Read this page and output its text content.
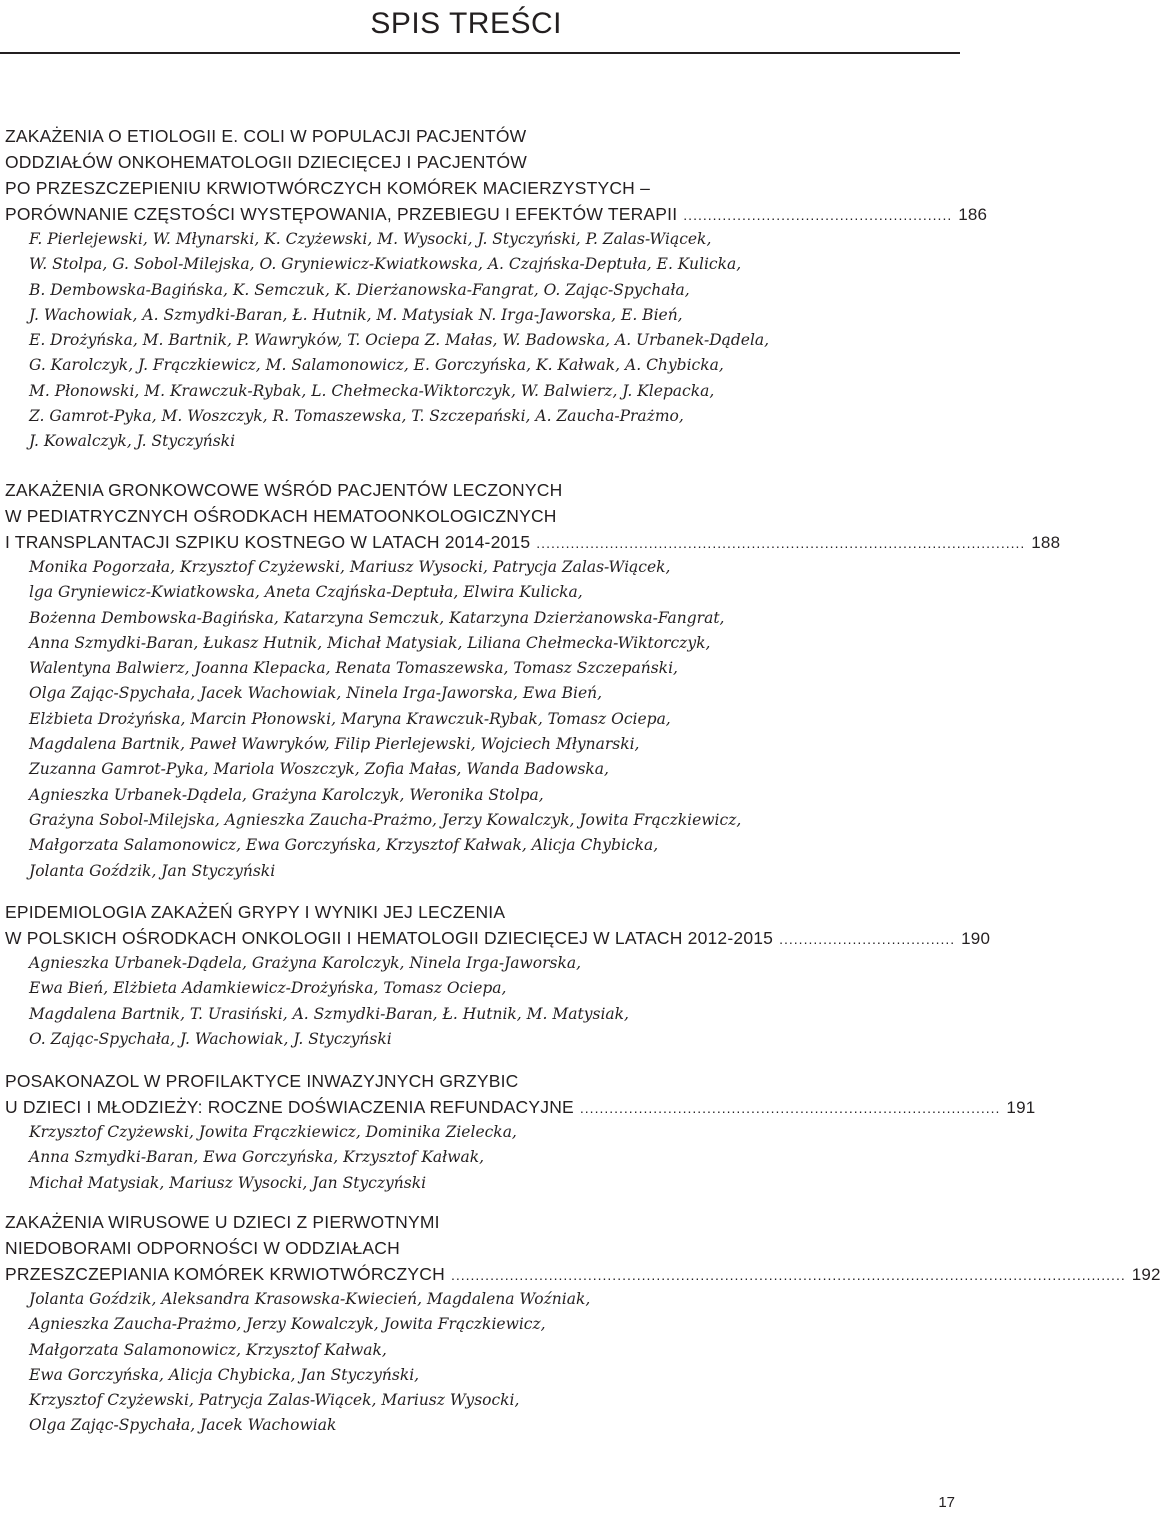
SPIS TREŚCI
ZAKAŻENIA O ETIOLOGII E. COLI W POPULACJI PACJENTÓW
ODDZIAŁÓW ONKOHEMATOLOGII DZIECIĘCEJ I PACJENTÓW
PO PRZESZCZEPIENIU KRWIOTWÓRCZYCH KOMÓREK MACIERZYSTYCH –
PORÓWNANIE CZĘSTOŚCI WYSTĘPOWANIA, PRZEBIEGU I EFEKTÓW TERAPII ....................................................... 186
F. Pierlejewski, W. Młynarski, K. Czyżewski, M. Wysocki, J. Styczyński, P. Zalas-Wiącek,
W. Stolpa, G. Sobol-Milejska, O. Gryniewicz-Kwiatkowska, A. Czajńska-Deptuła, E. Kulicka,
B. Dembowska-Bagińska, K. Semczuk, K. Dierżanowska-Fangrat, O. Zając-Spychała,
J. Wachowiak, A. Szmydki-Baran, Ł. Hutnik, M. Matysiak N. Irga-Jaworska, E. Bień,
E. Drożyńska, M. Bartnik, P. Wawryków, T. Ociepa Z. Małas, W. Badowska, A. Urbanek-Dądela,
G. Karolczyk, J. Frączkiewicz, M. Salamonowicz, E. Gorczyńska, K. Kałwak, A. Chybicka,
M. Płonowski, M. Krawczuk-Rybak, L. Chełmecka-Wiktorczyk, W. Balwierz, J. Klepacka,
Z. Gamrot-Pyka, M. Woszczyk, R. Tomaszewska, T. Szczepański, A. Zaucha-Prażmo,
J. Kowalczyk, J. Styczyński
ZAKAŻENIA GRONKOWCOWE WŚRÓD PACJENTÓW LECZONYCH
W PEDIATRYCZNYCH OŚRODKACH HEMATOONKOLOGICZNYCH
I TRANSPLANTACJI SZPIKU KOSTNEGO W LATACH 2014-2015 .................................................................................................... 188
Monika Pogorzała, Krzysztof Czyżewski, Mariusz Wysocki, Patrycja Zalas-Wiącek,
lga Gryniewicz-Kwiatkowska, Aneta Czajńska-Deptuła, Elwira Kulicka,
Bożenna Dembowska-Bagińska, Katarzyna Semczuk, Katarzyna Dzierżanowska-Fangrat,
Anna Szmydki-Baran, Łukasz Hutnik, Michał Matysiak, Liliana Chełmecka-Wiktorczyk,
Walentyna Balwierz, Joanna Klepacka, Renata Tomaszewska, Tomasz Szczepański,
Olga Zając-Spychała, Jacek Wachowiak, Ninela Irga-Jaworska, Ewa Bień,
Elżbieta Drożyńska, Marcin Płonowski, Maryna Krawczuk-Rybak, Tomasz Ociepa,
Magdalena Bartnik, Paweł Wawryków, Filip Pierlejewski, Wojciech Młynarski,
Zuzanna Gamrot-Pyka, Mariola Woszczyk, Zofia Małas, Wanda Badowska,
Agnieszka Urbanek-Dądela, Grażyna Karolczyk, Weronika Stolpa,
Grażyna Sobol-Milejska, Agnieszka Zaucha-Prażmo, Jerzy Kowalczyk, Jowita Frączkiewicz,
Małgorzata Salamonowicz, Ewa Gorczyńska, Krzysztof Kałwak, Alicja Chybicka,
Jolanta Goździk, Jan Styczyński
EPIDEMIOLOGIA ZAKAŻEŃ GRYPY I WYNIKI JEJ LECZENIA
W POLSKICH OŚRODKACH ONKOLOGII I HEMATOLOGII DZIECIĘCEJ W LATACH 2012-2015 .................................... 190
Agnieszka Urbanek-Dądela, Grażyna Karolczyk, Ninela Irga-Jaworska,
Ewa Bień, Elżbieta Adamkiewicz-Drożyńska, Tomasz Ociepa,
Magdalena Bartnik, T. Urasiński, A. Szmydki-Baran, Ł. Hutnik, M. Matysiak,
O. Zając-Spychała, J. Wachowiak, J. Styczyński
POSAKONAZOL W PROFILAKTYCE INWAZYJNYCH GRZYBIC
U DZIECI I MŁODZIEŻY: ROCZNE DOŚWIACZENIA REFUNDACYJNE ...................................................................................... 191
Krzysztof Czyżewski, Jowita Frączkiewicz, Dominika Zielecka,
Anna Szmydki-Baran, Ewa Gorczyńska, Krzysztof Kałwak,
Michał Matysiak, Mariusz Wysocki, Jan Styczyński
ZAKAŻENIA WIRUSOWE U DZIECI Z PIERWOTNYMI
NIEDOBORAMI ODPORNOŚCI W ODDZIAŁACH
PRZESZCZEPIANIA KOMÓREK KRWIOTWÓRCZYCH .......................................................................................................................................... 192
Jolanta Goździk, Aleksandra Krasowska-Kwiecień, Magdalena Woźniak,
Agnieszka Zaucha-Prażmo, Jerzy Kowalczyk, Jowita Frączkiewicz,
Małgorzata Salamonowicz, Krzysztof Kałwak,
Ewa Gorczyńska, Alicja Chybicka, Jan Styczyński,
Krzysztof Czyżewski, Patrycja Zalas-Wiącek, Mariusz Wysocki,
Olga Zając-Spychała, Jacek Wachowiak
17
